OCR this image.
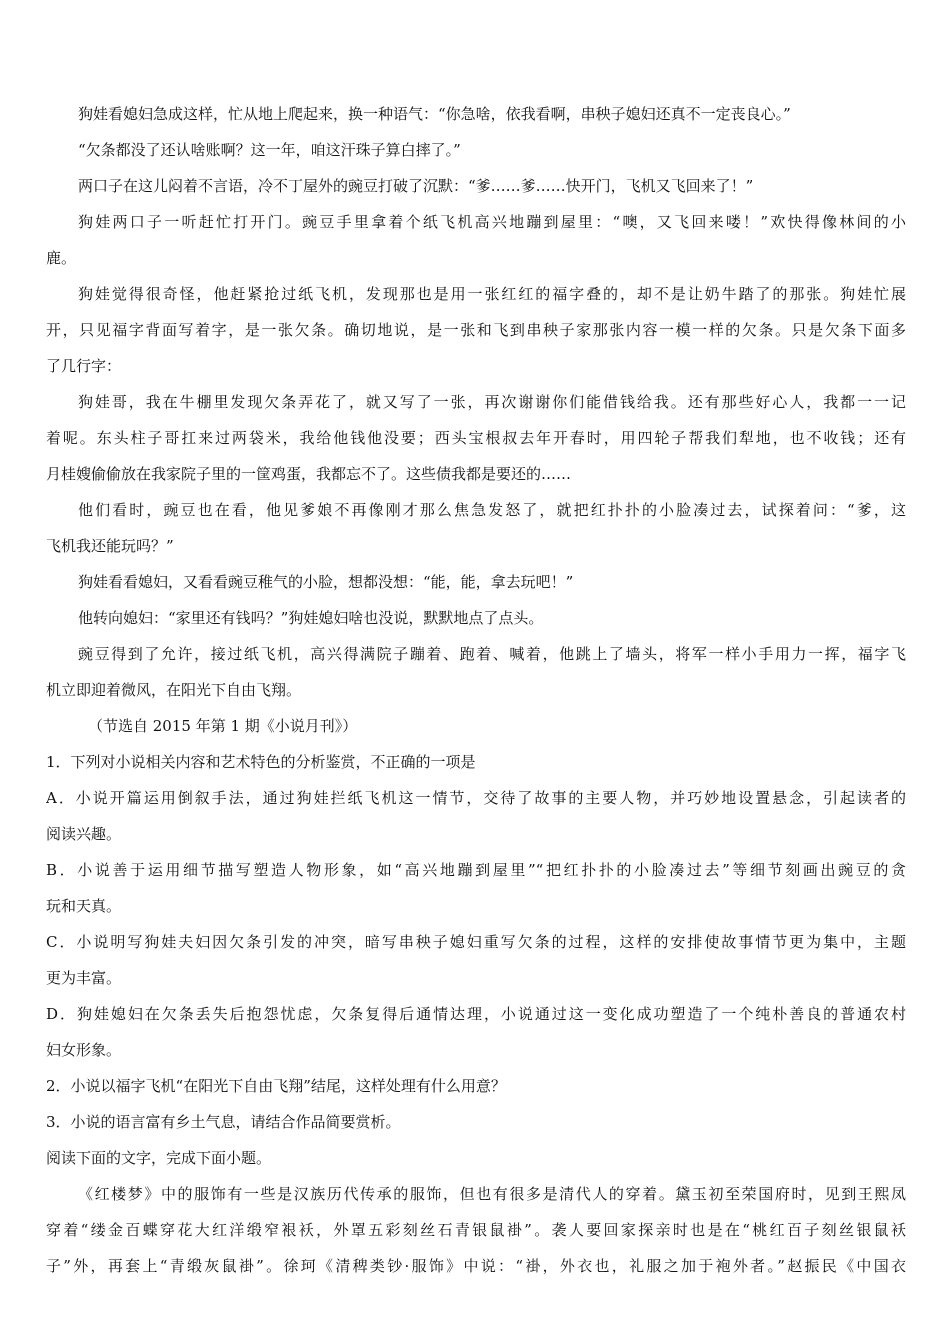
狗娃看媳妇急成这样，忙从地上爬起来，换一种语气：“你急啥，依我看啊，串秧子媳妇还真不一定丧良心。”
“欠条都没了还认啥账啊？这一年，咱这汗珠子算白摔了。”
两口子在这儿闷着不言语，冷不丁屋外的豌豆打破了沉默：“爹……爹……快开门，飞机又飞回来了！”
狗娃两口子一听赶忙打开门。豌豆手里拿着个纸飞机高兴地蹦到屋里：“噢，又飞回来喽！”欢快得像林间的小
鹿。
狗娃觉得很奇怪，他赶紧抢过纸飞机，发现那也是用一张红红的福字叠的，却不是让奶牛踏了的那张。狗娃忙展
开，只见福字背面写着字，是一张欠条。确切地说，是一张和飞到串秧子家那张内容一模一样的欠条。只是欠条下面多
了几行字：
狗娃哥，我在牛棚里发现欠条弄花了，就又写了一张，再次谢谢你们能借钱给我。还有那些好心人，我都一一记
着呢。东头柱子哥扛来过两袋米，我给他钱他没要；西头宝根叔去年开春时，用四轮子帮我们犁地，也不收钱；还有
月桂嫂偷偷放在我家院子里的一筐鸡蛋，我都忘不了。这些债我都是要还的……
他们看时，豌豆也在看，他见爹娘不再像刚才那么焦急发怒了，就把红扑扑的小脸凑过去，试探着问：“爹，这
飞机我还能玩吗？”
狗娃看看媳妇，又看看豌豆稚气的小脸，想都没想：“能，能，拿去玩吧！”
他转向媳妇：“家里还有钱吗？”狗娃媳妇啥也没说，默默地点了点头。
豌豆得到了允许，接过纸飞机，高兴得满院子蹦着、跑着、喊着，他跳上了墙头，将军一样小手用力一挥，福字飞
机立即迎着微风，在阳光下自由飞翔。
（节选自 2015 年第 1 期《小说月刊》）
1．下列对小说相关内容和艺术特色的分析鉴赏，不正确的一项是
A．小说开篇运用倒叙手法，通过狗娃拦纸飞机这一情节，交待了故事的主要人物，并巧妙地设置悬念，引起读者的
阅读兴趣。
B．小说善于运用细节描写塑造人物形象，如“高兴地蹦到屋里”“把红扑扑的小脸凑过去”等细节刻画出豌豆的贪
玩和天真。
C．小说明写狗娃夫妇因欠条引发的冲突，暗写串秧子媳妇重写欠条的过程，这样的安排使故事情节更为集中，主题
更为丰富。
D．狗娃媳妇在欠条丢失后抱怨忧虑，欠条复得后通情达理，小说通过这一变化成功塑造了一个纯朴善良的普通农村
妇女形象。
2．小说以福字飞机“在阳光下自由飞翔”结尾，这样处理有什么用意？
3．小说的语言富有乡土气息，请结合作品简要赏析。
阅读下面的文字，完成下面小题。
《红楼梦》中的服饰有一些是汉族历代传承的服饰，但也有很多是清代人的穿着。黛玉初至荣国府时，见到王熙凤
穿着“缕金百蝶穿花大红洋缎窄裉袄，外罩五彩刻丝石青银鼠褂”。袭人要回家探亲时也是在“桃红百子刻丝银鼠袄
子”外，再套上“青缎灰鼠褂”。徐珂《清稗类钞·服饰》中说：“褂，外衣也，礼服之加于袍外者。”赵振民《中国衣
